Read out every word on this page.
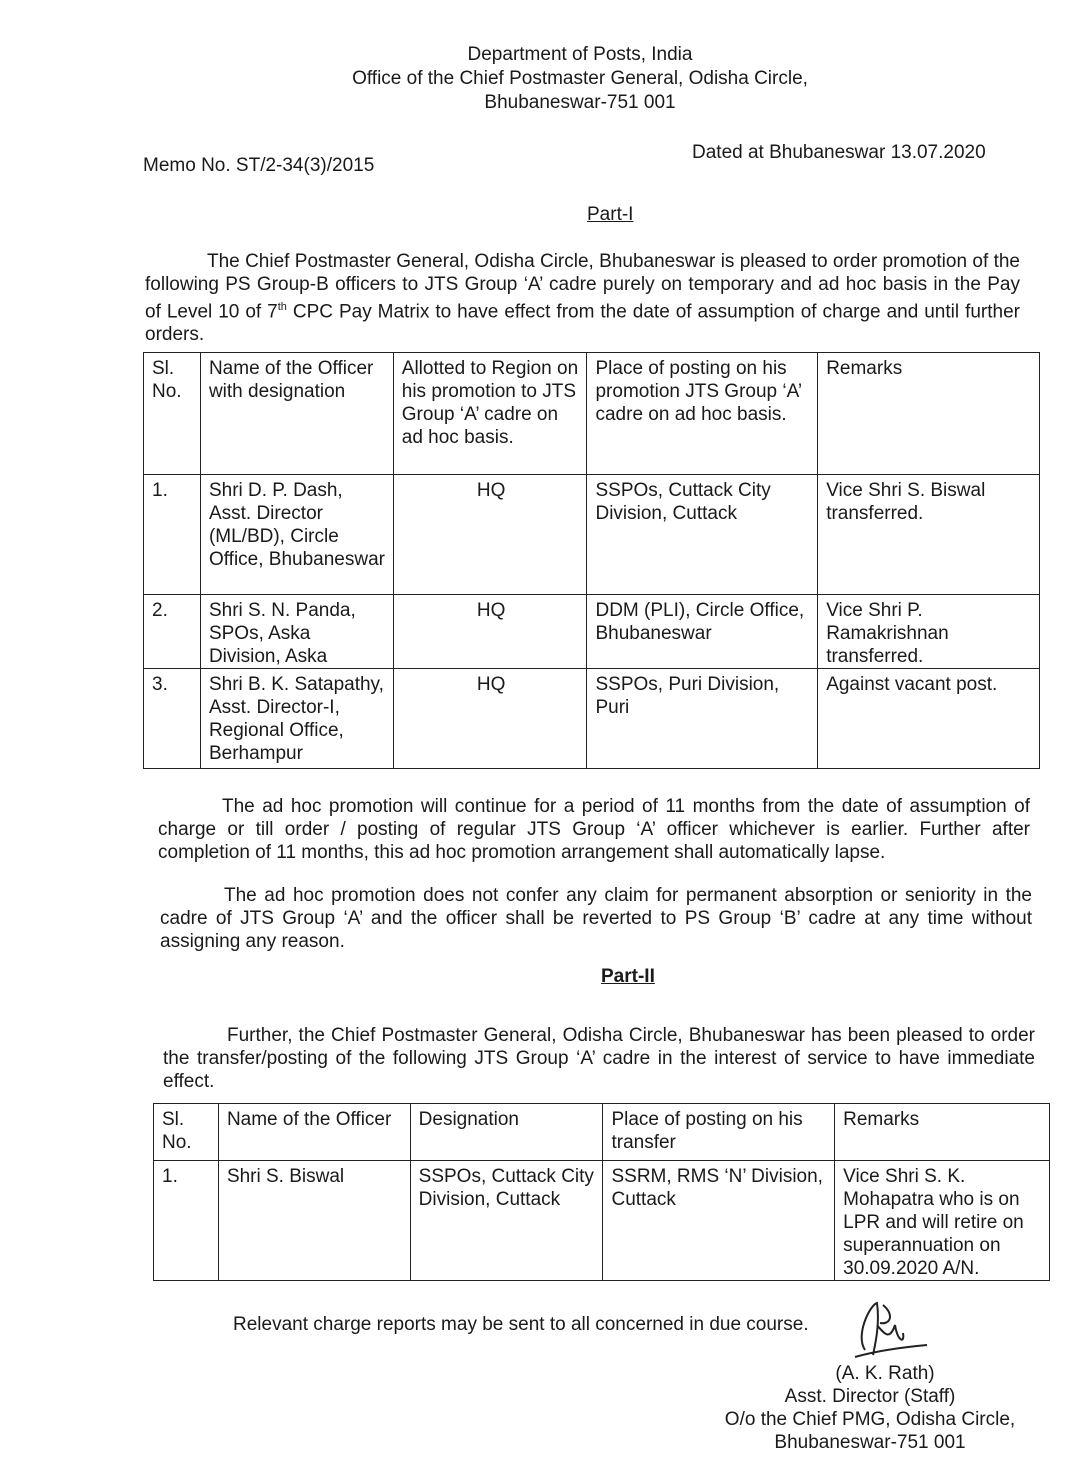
Department of Posts, India
Office of the Chief Postmaster General, Odisha Circle,
Bhubaneswar-751 001
Memo No. ST/2-34(3)/2015
Dated at Bhubaneswar 13.07.2020
Part-I

The Chief Postmaster General, Odisha Circle, Bhubaneswar is pleased to order promotion of the following PS Group-B officers to JTS Group ‘A’ cadre purely on temporary and ad hoc basis in the Pay of Level 10 of 7th CPC Pay Matrix to have effect from the date of assumption of charge and until further orders.

Sl. No.	Name of the Officer with designation	Allotted to Region on his promotion to JTS Group ‘A’ cadre on ad hoc basis.	Place of posting on his promotion JTS Group ‘A’ cadre on ad hoc basis.	Remarks
1.	Shri D. P. Dash, Asst. Director (ML/BD), Circle Office, Bhubaneswar	HQ	SSPOs, Cuttack City Division, Cuttack	Vice Shri S. Biswal transferred.
2.	Shri S. N. Panda, SPOs, Aska Division, Aska	HQ	DDM (PLI), Circle Office, Bhubaneswar	Vice Shri P. Ramakrishnan transferred.
3.	Shri B. K. Satapathy, Asst. Director-I, Regional Office, Berhampur	HQ	SSPOs, Puri Division, Puri	Against vacant post.

The ad hoc promotion will continue for a period of 11 months from the date of assumption of charge or till order / posting of regular JTS Group ‘A’ officer whichever is earlier. Further after completion of 11 months, this ad hoc promotion arrangement shall automatically lapse.

The ad hoc promotion does not confer any claim for permanent absorption or seniority in the cadre of JTS Group ‘A’ and the officer shall be reverted to PS Group ‘B’ cadre at any time without assigning any reason.

Part-II

Further, the Chief Postmaster General, Odisha Circle, Bhubaneswar has been pleased to order the transfer/posting of the following JTS Group ‘A’ cadre in the interest of service to have immediate effect.

Sl. No.	Name of the Officer	Designation	Place of posting on his transfer	Remarks
1.	Shri S. Biswal	SSPOs, Cuttack City Division, Cuttack	SSRM, RMS ‘N’ Division, Cuttack	Vice Shri S. K. Mohapatra who is on LPR and will retire on superannuation on 30.09.2020 A/N.
Relevant charge reports may be sent to all concerned in due course.
(A. K. Rath)
Asst. Director (Staff)
O/o the Chief PMG, Odisha Circle,
Bhubaneswar-751 001
